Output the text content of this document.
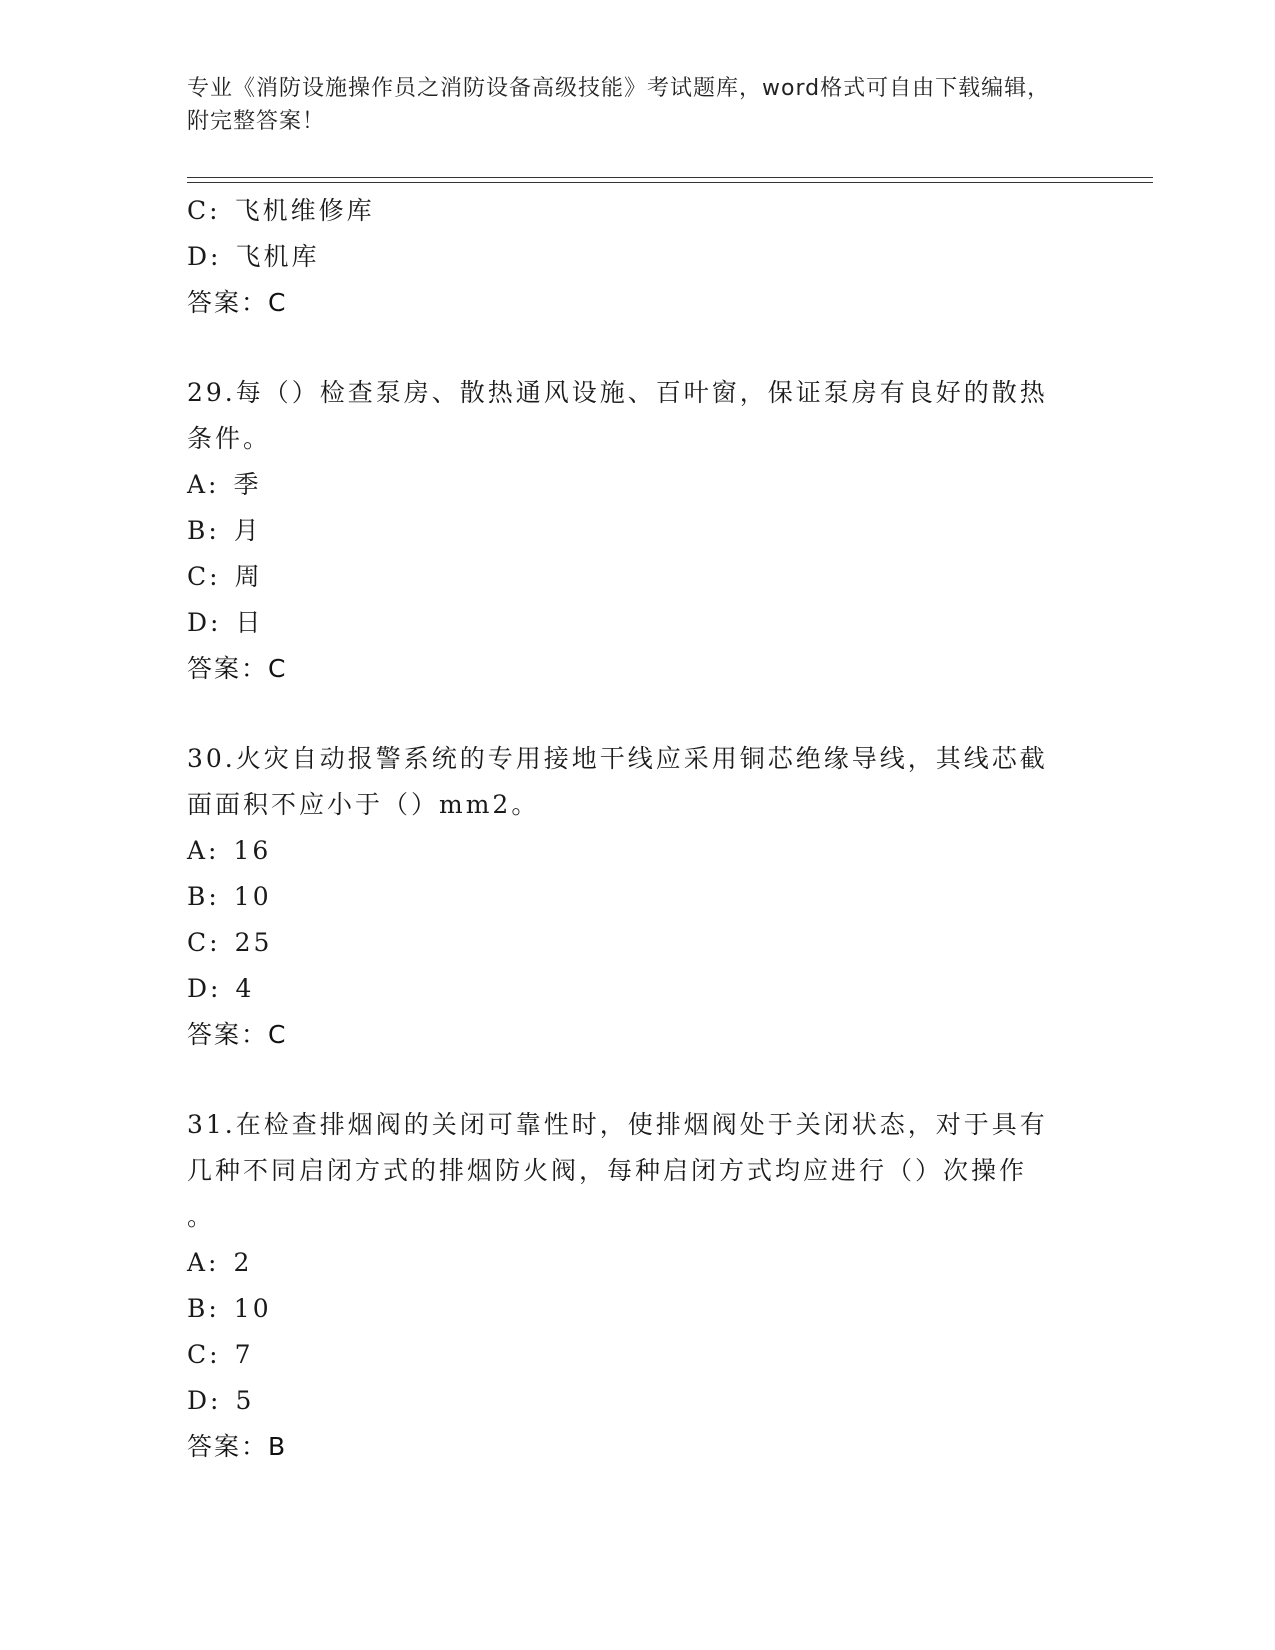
专业《消防设施操作员之消防设备高级技能》考试题库，word格式可自由下载编辑，附完整答案！
C: 飞机维修库
D: 飞机库
答案：C
29.每（）检查泵房、散热通风设施、百叶窗，保证泵房有良好的散热
条件。
A: 季
B: 月
C: 周
D: 日
答案：C
30.火灾自动报警系统的专用接地干线应采用铜芯绝缘导线，其线芯截
面面积不应小于（）mm2。
A: 16
B: 10
C: 25
D: 4
答案：C
31.在检查排烟阀的关闭可靠性时，使排烟阀处于关闭状态，对于具有
几种不同启闭方式的排烟防火阀，每种启闭方式均应进行（）次操作
。
A: 2
B: 10
C: 7
D: 5
答案：B
